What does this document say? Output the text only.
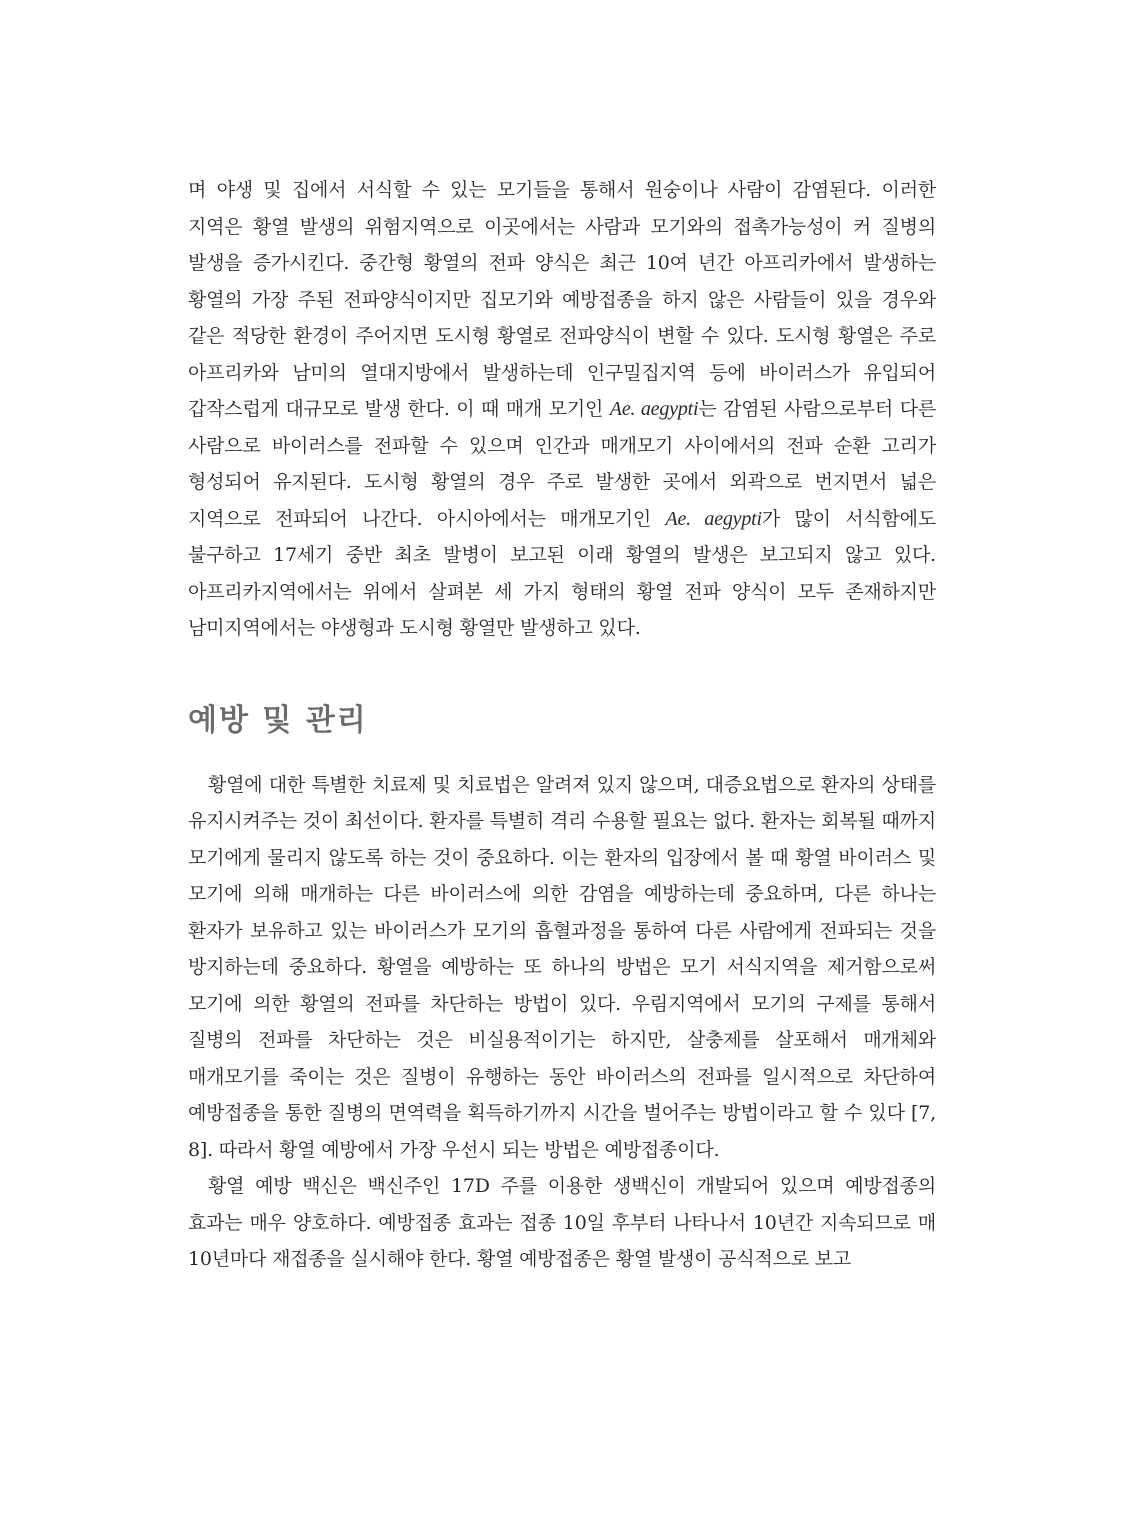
며 야생 및 집에서 서식할 수 있는 모기들을 통해서 원숭이나 사람이 감염된다. 이러한 지역은 황열 발생의 위험지역으로 이곳에서는 사람과 모기와의 접촉가능성이 커 질병의 발생을 증가시킨다. 중간형 황열의 전파 양식은 최근 10여 년간 아프리카에서 발생하는 황열의 가장 주된 전파양식이지만 집모기와 예방접종을 하지 않은 사람들이 있을 경우와 같은 적당한 환경이 주어지면 도시형 황열로 전파양식이 변할 수 있다. 도시형 황열은 주로 아프리카와 남미의 열대지방에서 발생하는데 인구밀집지역 등에 바이러스가 유입되어 갑작스럽게 대규모로 발생 한다. 이 때 매개 모기인 Ae. aegypti는 감염된 사람으로부터 다른 사람으로 바이러스를 전파할 수 있으며 인간과 매개모기 사이에서의 전파 순환 고리가 형성되어 유지된다. 도시형 황열의 경우 주로 발생한 곳에서 외곽으로 번지면서 넓은 지역으로 전파되어 나간다. 아시아에서는 매개모기인 Ae. aegypti가 많이 서식함에도 불구하고 17세기 중반 최초 발병이 보고된 이래 황열의 발생은 보고되지 않고 있다. 아프리카지역에서는 위에서 살펴본 세 가지 형태의 황열 전파 양식이 모두 존재하지만 남미지역에서는 야생형과 도시형 황열만 발생하고 있다.

예방 및 관리

황열에 대한 특별한 치료제 및 치료법은 알려져 있지 않으며, 대증요법으로 환자의 상태를 유지시켜주는 것이 최선이다. 환자를 특별히 격리 수용할 필요는 없다. 환자는 회복될 때까지 모기에게 물리지 않도록 하는 것이 중요하다. 이는 환자의 입장에서 볼 때 황열 바이러스 및 모기에 의해 매개하는 다른 바이러스에 의한 감염을 예방하는데 중요하며, 다른 하나는 환자가 보유하고 있는 바이러스가 모기의 흡혈과정을 통하여 다른 사람에게 전파되는 것을 방지하는데 중요하다. 황열을 예방하는 또 하나의 방법은 모기 서식지역을 제거함으로써 모기에 의한 황열의 전파를 차단하는 방법이 있다. 우림지역에서 모기의 구제를 통해서 질병의 전파를 차단하는 것은 비실용적이기는 하지만, 살충제를 살포해서 매개체와 매개모기를 죽이는 것은 질병이 유행하는 동안 바이러스의 전파를 일시적으로 차단하여 예방접종을 통한 질병의 면역력을 획득하기까지 시간을 벌어주는 방법이라고 할 수 있다 [7, 8]. 따라서 황열 예방에서 가장 우선시 되는 방법은 예방접종이다.

황열 예방 백신은 백신주인 17D 주를 이용한 생백신이 개발되어 있으며 예방접종의 효과는 매우 양호하다. 예방접종 효과는 접종 10일 후부터 나타나서 10년간 지속되므로 매 10년마다 재접종을 실시해야 한다. 황열 예방접종은 황열 발생이 공식적으로 보고
